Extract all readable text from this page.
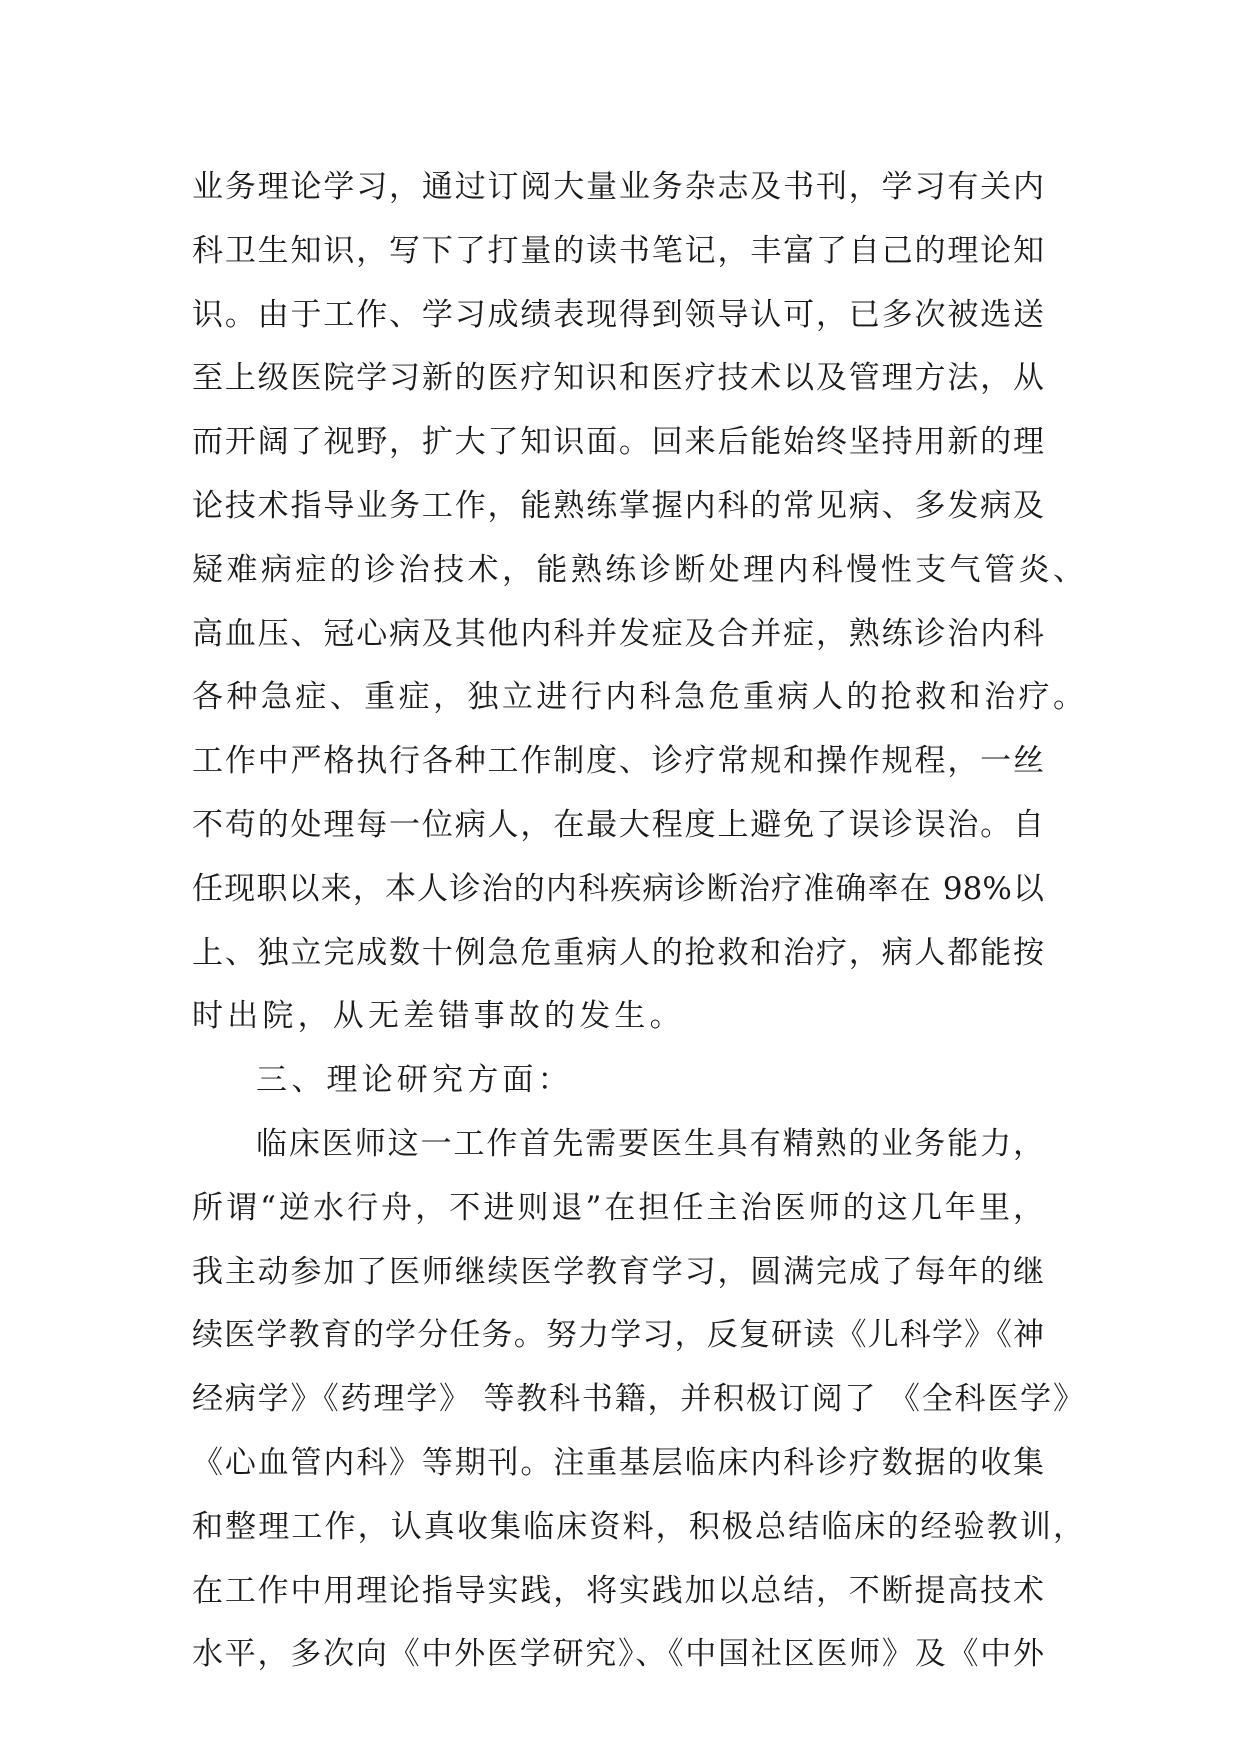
业务理论学习，通过订阅大量业务杂志及书刊，学习有关内
科卫生知识，写下了打量的读书笔记，丰富了自己的理论知
识。由于工作、学习成绩表现得到领导认可，已多次被选送
至上级医院学习新的医疗知识和医疗技术以及管理方法，从
而开阔了视野，扩大了知识面。回来后能始终坚持用新的理
论技术指导业务工作，能熟练掌握内科的常见病、多发病及
疑难病症的诊治技术，能熟练诊断处理内科慢性支气管炎、
高血压、冠心病及其他内科并发症及合并症，熟练诊治内科
各种急症、重症，独立进行内科急危重病人的抢救和治疗。
工作中严格执行各种工作制度、诊疗常规和操作规程，一丝
不苟的处理每一位病人，在最大程度上避免了误诊误治。自
任现职以来，本人诊治的内科疾病诊断治疗准确率在 98%以
上、独立完成数十例急危重病人的抢救和治疗，病人都能按
时出院，从无差错事故的发生。
三、理论研究方面：
临床医师这一工作首先需要医生具有精熟的业务能力，
所谓“逆水行舟，不进则退”在担任主治医师的这几年里，
我主动参加了医师继续医学教育学习，圆满完成了每年的继
续医学教育的学分任务。努力学习，反复研读《儿科学》《神
经病学》《药理学》 等教科书籍，并积极订阅了 《全科医学》
《心血管内科》等期刊。注重基层临床内科诊疗数据的收集
和整理工作，认真收集临床资料，积极总结临床的经验教训，
在工作中用理论指导实践，将实践加以总结，不断提高技术
水平，多次向《中外医学研究》、《中国社区医师》及《中外
